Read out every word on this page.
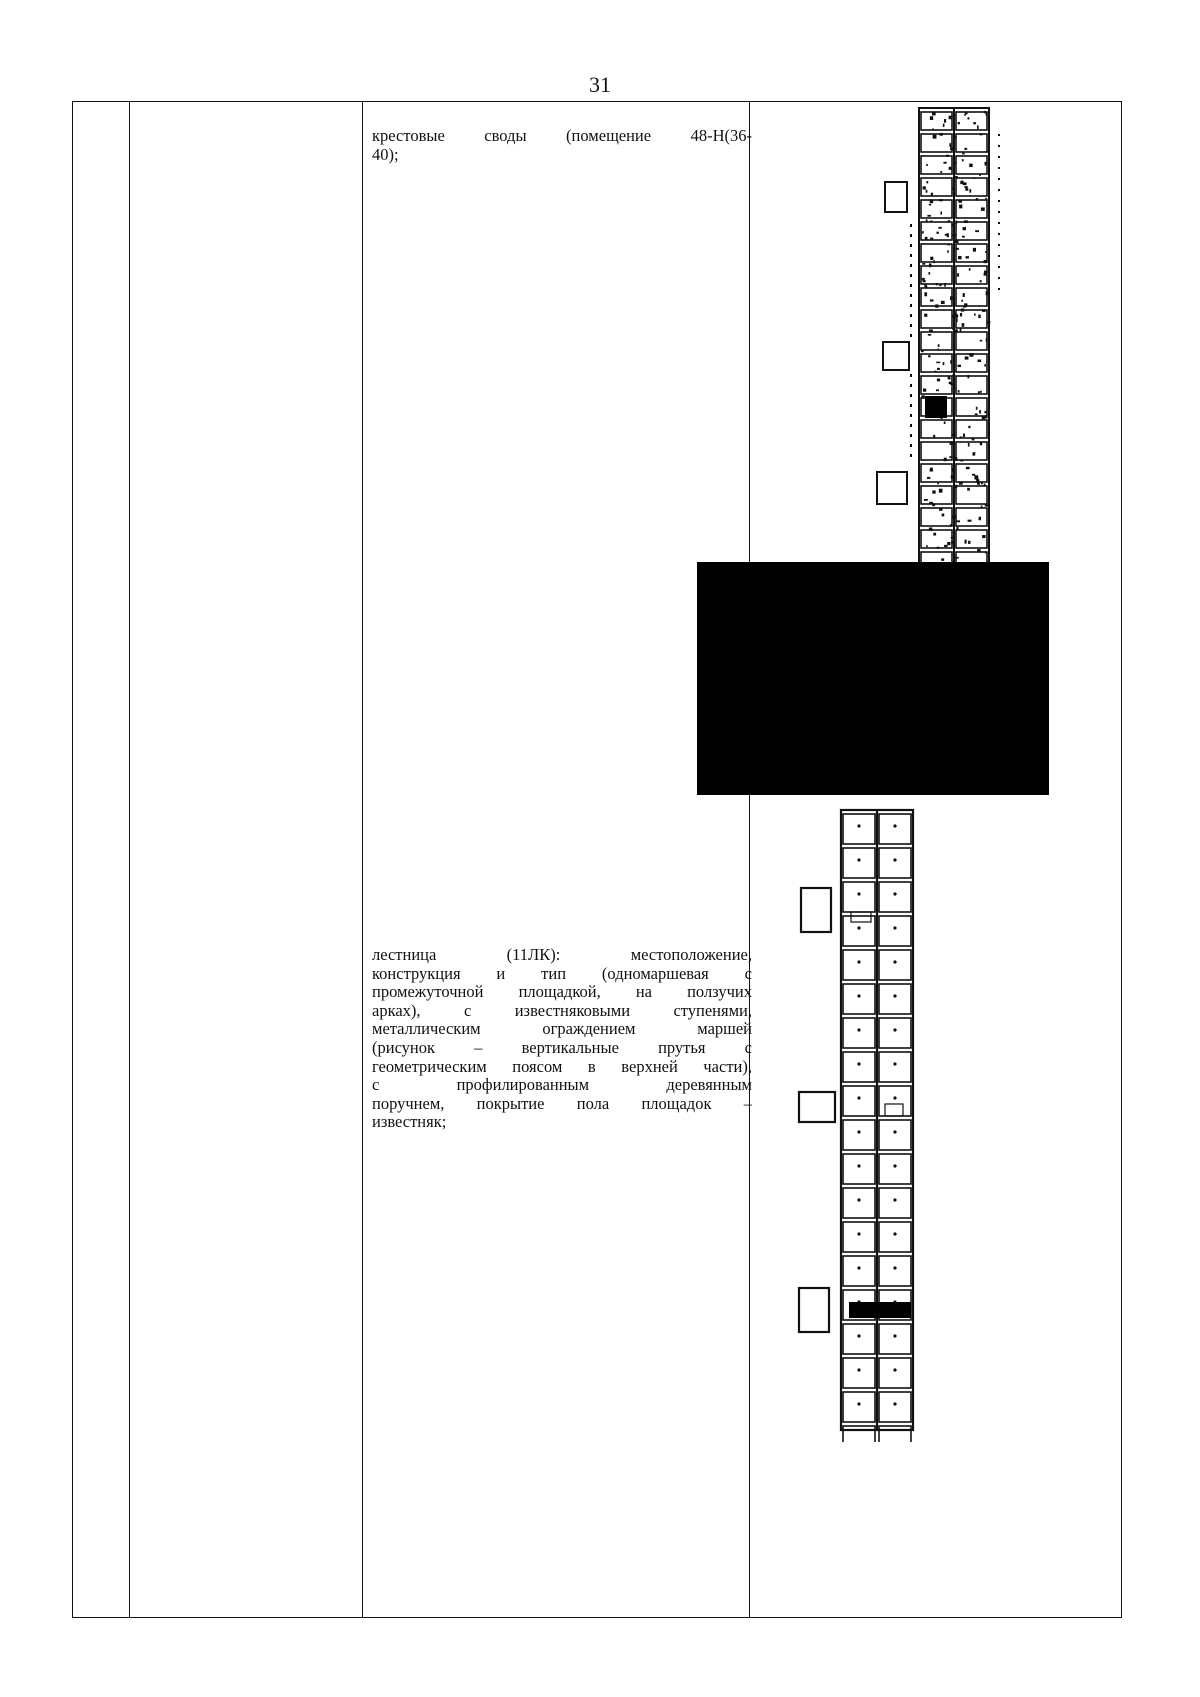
31
крестовые своды (помещение 48-Н(36-
40);
лестница (11ЛК): местоположение,
конструкция и тип (одномаршевая с
промежуточной площадкой, на ползучих
арках), с известняковыми ступенями,
металлическим ограждением маршей
(рисунок – вертикальные прутья с
геометрическим поясом в верхней части),
с профилированным деревянным
поручнем, покрытие пола площадок –
известняк;
